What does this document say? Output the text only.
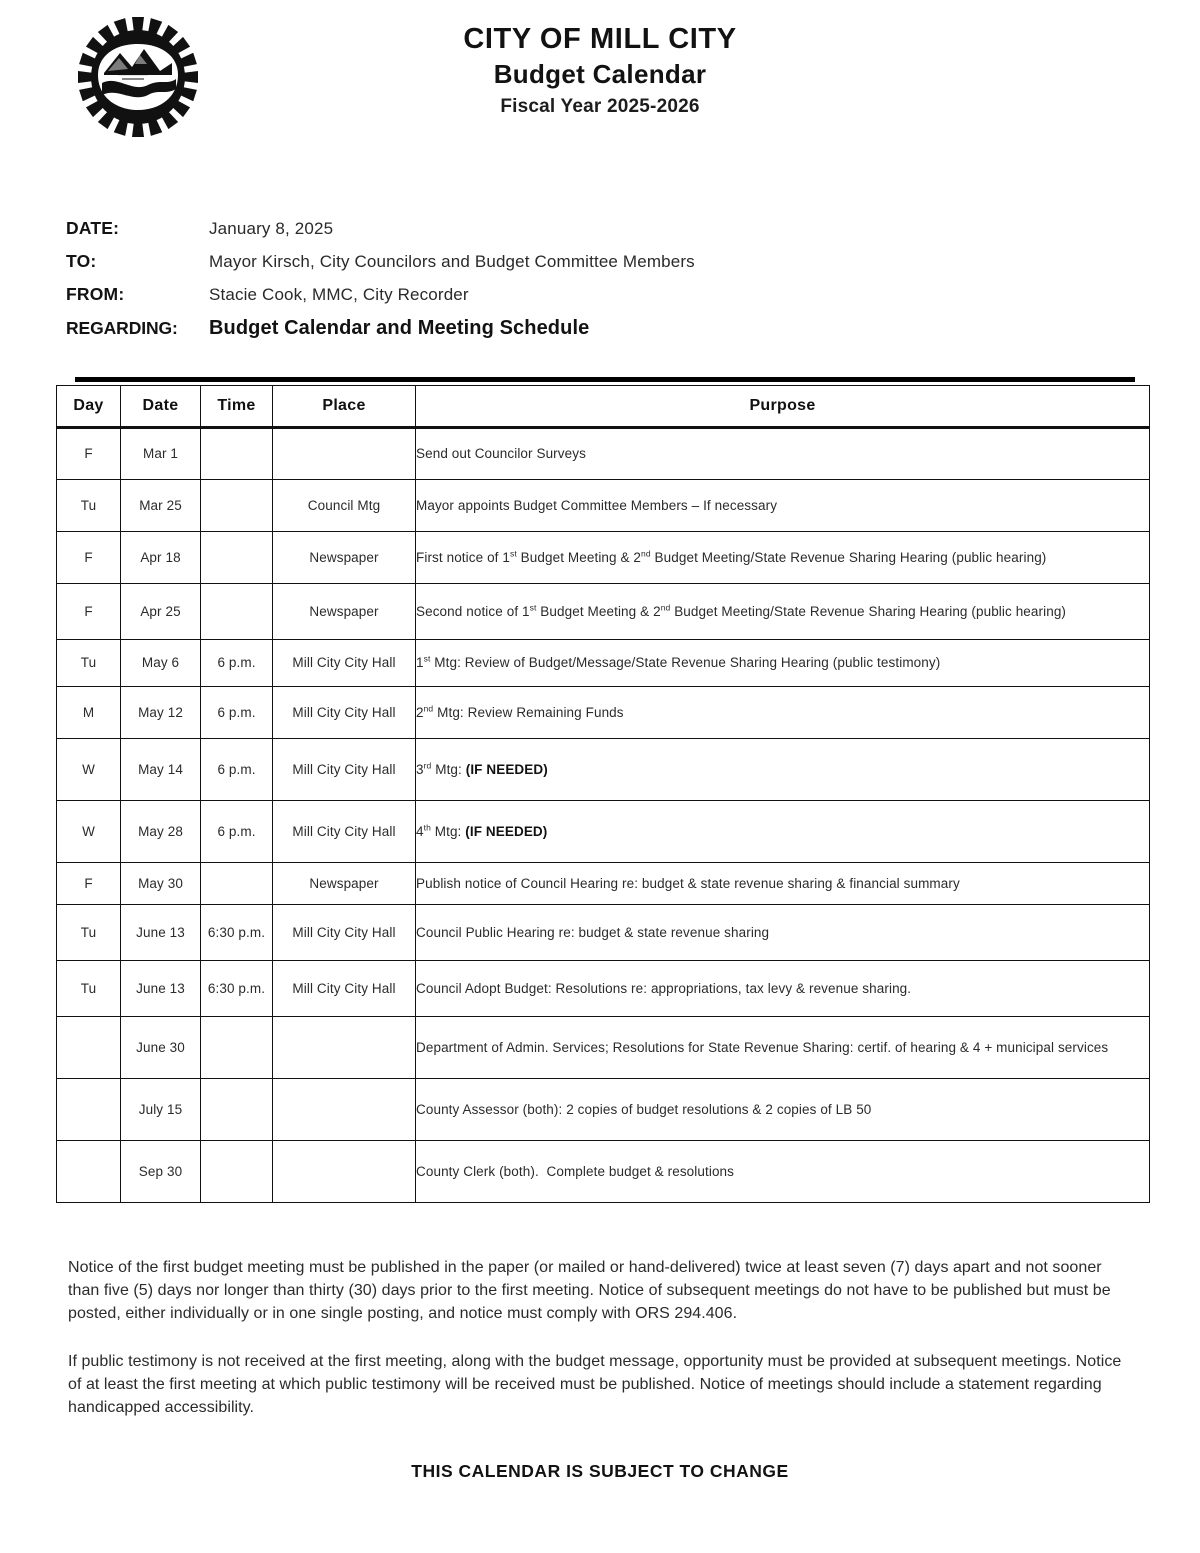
CITY OF MILL CITY
Budget Calendar
Fiscal Year 2025-2026
DATE:	January 8, 2025
TO:	Mayor Kirsch, City Councilors and Budget Committee Members
FROM:	Stacie Cook, MMC, City Recorder
REGARDING:	Budget Calendar and Meeting Schedule
Day	Date	Time	Place	Purpose
F	Mar 1			Send out Councilor Surveys
Tu	Mar 25		Council Mtg	Mayor appoints Budget Committee Members – If necessary
F	Apr 18		Newspaper	First notice of 1st Budget Meeting & 2nd Budget Meeting/State Revenue Sharing Hearing (public hearing)
F	Apr 25		Newspaper	Second notice of 1st Budget Meeting & 2nd Budget Meeting/State Revenue Sharing Hearing (public hearing)
Tu	May 6	6 p.m.	Mill City City Hall	1st Mtg: Review of Budget/Message/State Revenue Sharing Hearing (public testimony)
M	May 12	6 p.m.	Mill City City Hall	2nd Mtg: Review Remaining Funds
W	May 14	6 p.m.	Mill City City Hall	3rd Mtg: (IF NEEDED)
W	May 28	6 p.m.	Mill City City Hall	4th Mtg: (IF NEEDED)
F	May 30		Newspaper	Publish notice of Council Hearing re: budget & state revenue sharing & financial summary
Tu	June 13	6:30 p.m.	Mill City City Hall	Council Public Hearing re: budget & state revenue sharing
Tu	June 13	6:30 p.m.	Mill City City Hall	Council Adopt Budget: Resolutions re: appropriations, tax levy & revenue sharing.
	June 30			Department of Admin. Services; Resolutions for State Revenue Sharing: certif. of hearing & 4 + municipal services
	July 15			County Assessor (both): 2 copies of budget resolutions & 2 copies of LB 50
	Sep 30			County Clerk (both).  Complete budget & resolutions

Notice of the first budget meeting must be published in the paper (or mailed or hand-delivered) twice at least seven (7) days apart and not sooner than five (5) days nor longer than thirty (30) days prior to the first meeting. Notice of subsequent meetings do not have to be published but must be posted, either individually or in one single posting, and notice must comply with ORS 294.406.

If public testimony is not received at the first meeting, along with the budget message, opportunity must be provided at subsequent meetings. Notice of at least the first meeting at which public testimony will be received must be published. Notice of meetings should include a statement regarding handicapped accessibility.

THIS CALENDAR IS SUBJECT TO CHANGE
